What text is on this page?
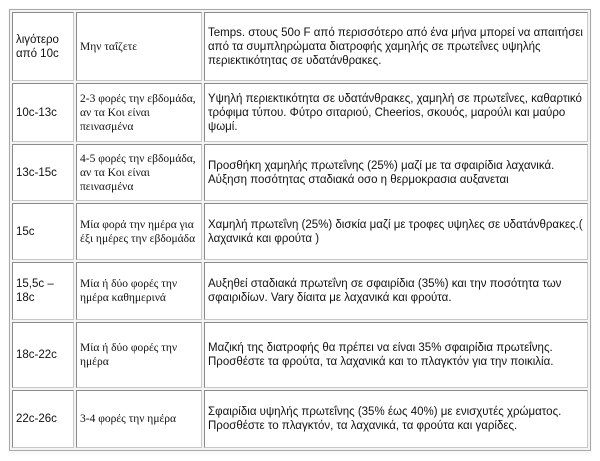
λιγότερο από 10c	Μην ταΐζετε	Temps. στους 50ο F από περισσότερο από ένα μήνα μπορεί να απαιτήσει από τα συμπληρώματα διατροφής χαμηλής σε πρωτεΐνες υψηλής περιεκτικότητας σε υδατάνθρακες.
10c-13c	2-3 φορές την εβδομάδα, αν τα Κοι είναι πεινασμένα	Υψηλή περιεκτικότητα σε υδατάνθρακες, χαμηλή σε πρωτεΐνες, καθαρτικό τρόφιμα τύπου. Φύτρο σιταριού, Cheerios, σκουός, μαρούλι και μαύρο ψωμί.
13c-15c	4-5 φορές την εβδομάδα, αν τα Κοι είναι πεινασμένα	Προσθήκη χαμηλής πρωτεΐνης (25%) μαζί με τα σφαιρίδια λαχανικά. Αύξηση ποσότητας σταδιακά οσο η θερμοκρασια αυξανεται
15c	Μία φορά την ημέρα για έξι ημέρες την εβδομάδα	Χαμηλή πρωτεΐνη (25%) δισκία μαζί με τροφες υψηλες σε υδατάνθρακες.( λαχανικά και φρούτα )
15,5c – 18c	Μία ή δύο φορές την ημέρα καθημερινά	Αυξηθεί σταδιακά πρωτεΐνη σε σφαιρίδια (35%) και την ποσότητα των σφαιριδίων. Vary δίαιτα με λαχανικά και φρούτα.
18c-22c	Μία ή δύο φορές την ημέρα	Μαζική της διατροφής θα πρέπει να είναι 35% σφαιρίδια πρωτεΐνης. Προσθέστε τα φρούτα, τα λαχανικά και το πλαγκτόν για την ποικιλία.
22c-26c	3-4 φορές την ημέρα	Σφαιρίδια υψηλής πρωτεΐνης (35% έως 40%) με ενισχυτές χρώματος. Προσθέστε το πλαγκτόν, τα λαχανικά, τα φρούτα και γαρίδες.
